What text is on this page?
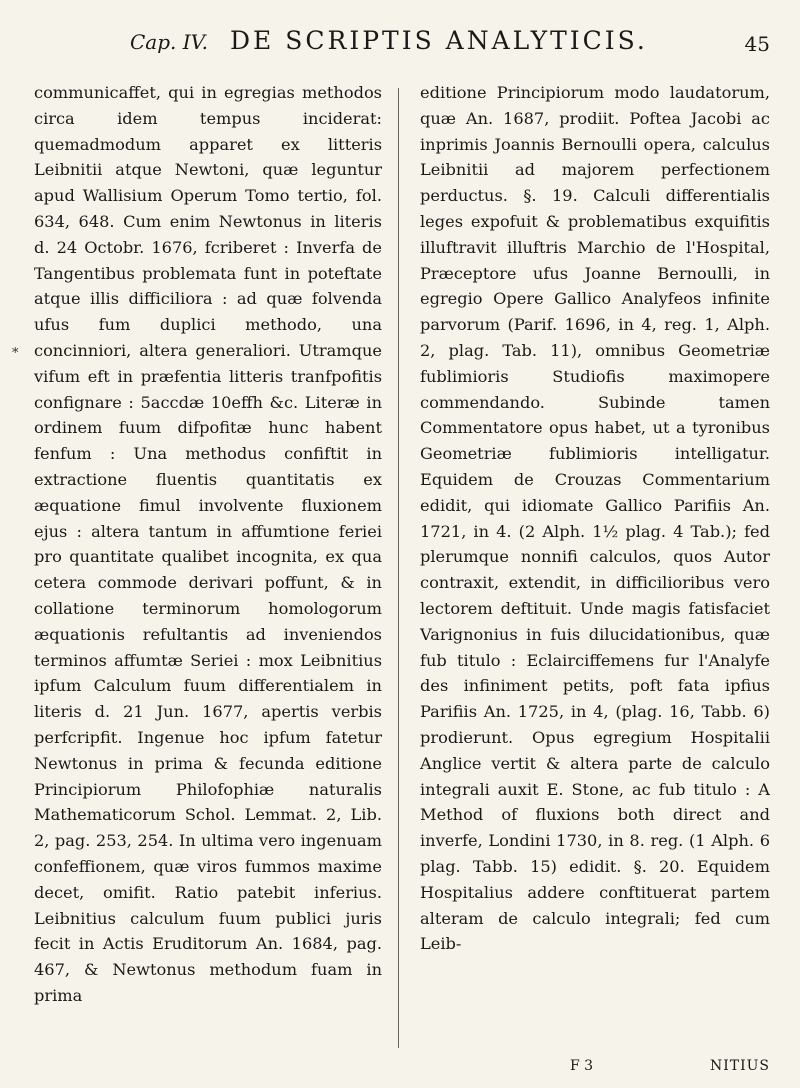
Cap. IV. DE SCRIPTIS ANALYTICIS.	45
*

communicaffet, qui in egregias methodos circa idem tempus inciderat: quemadmodum apparet ex litteris Leibnitii atque Newtoni, quæ leguntur apud Wallisium Operum Tomo tertio, fol. 634, 648. Cum enim Newtonus in literis d. 24 Octobr. 1676, fcriberet : Inverfa de Tangentibus problemata funt in poteftate atque illis difficiliora : ad quæ folvenda ufus fum duplici methodo, una concinniori, altera generaliori. Utramque vifum eft in præfentia litteris tranfpofitis confignare : 5accdæ 10effh &c. Literæ in ordinem fuum difpofitæ hunc habent fenfum : Una methodus confiftit in extractione fluentis quantitatis ex æquatione fimul involvente fluxionem ejus : altera tantum in affumtione feriei pro quantitate qualibet incognita, ex qua cetera commode derivari poffunt, & in collatione terminorum homologorum æquationis refultantis ad inveniendos terminos affumtæ Seriei : mox Leibnitius ipfum Calculum fuum differentialem in literis d. 21 Jun. 1677, apertis verbis perfcripfit. Ingenue hoc ipfum fatetur Newtonus in prima & fecunda editione Principiorum Philofophiæ naturalis Mathematicorum Schol. Lemmat. 2, Lib. 2, pag. 253, 254. In ultima vero ingenuam confeffionem, quæ viros fummos maxime decet, omifit. Ratio patebit inferius. Leibnitius calculum fuum publici juris fecit in Actis Eruditorum An. 1684, pag. 467, & Newtonus methodum fuam in prima

editione Principiorum modo laudatorum, quæ An. 1687, prodiit. Poftea Jacobi ac inprimis Joannis Bernoulli opera, calculus Leibnitii ad majorem perfectionem perductus. §. 19. Calculi differentialis leges expofuit & problematibus exquifitis illuftravit illuftris Marchio de l'Hospital, Præceptore ufus Joanne Bernoulli, in egregio Opere Gallico Analyfeos infinite parvorum (Parif. 1696, in 4, reg. 1, Alph. 2, plag. Tab. 11), omnibus Geometriæ fublimioris Studiofis maximopere commendando. Subinde tamen Commentatore opus habet, ut a tyronibus Geometriæ fublimioris intelligatur. Equidem de Crouzas Commentarium edidit, qui idiomate Gallico Parifiis An. 1721, in 4. (2 Alph. 1½ plag. 4 Tab.); fed plerumque nonnifi calculos, quos Autor contraxit, extendit, in difficilioribus vero lectorem deftituit. Unde magis fatisfaciet Varignonius in fuis dilucidationibus, quæ fub titulo : Eclairciffemens fur l'Analyfe des infiniment petits, poft fata ipfius Parifiis An. 1725, in 4, (plag. 16, Tabb. 6) prodierunt. Opus egregium Hospitalii Anglice vertit & altera parte de calculo integrali auxit E. Stone, ac fub titulo : A Method of fluxions both direct and inverfe, Londini 1730, in 8. reg. (1 Alph. 6 plag. Tabb. 15) edidit. §. 20. Equidem Hospitalius addere conftituerat partem alteram de calculo integrali; fed cum Leib-

F 3	NITIUS
